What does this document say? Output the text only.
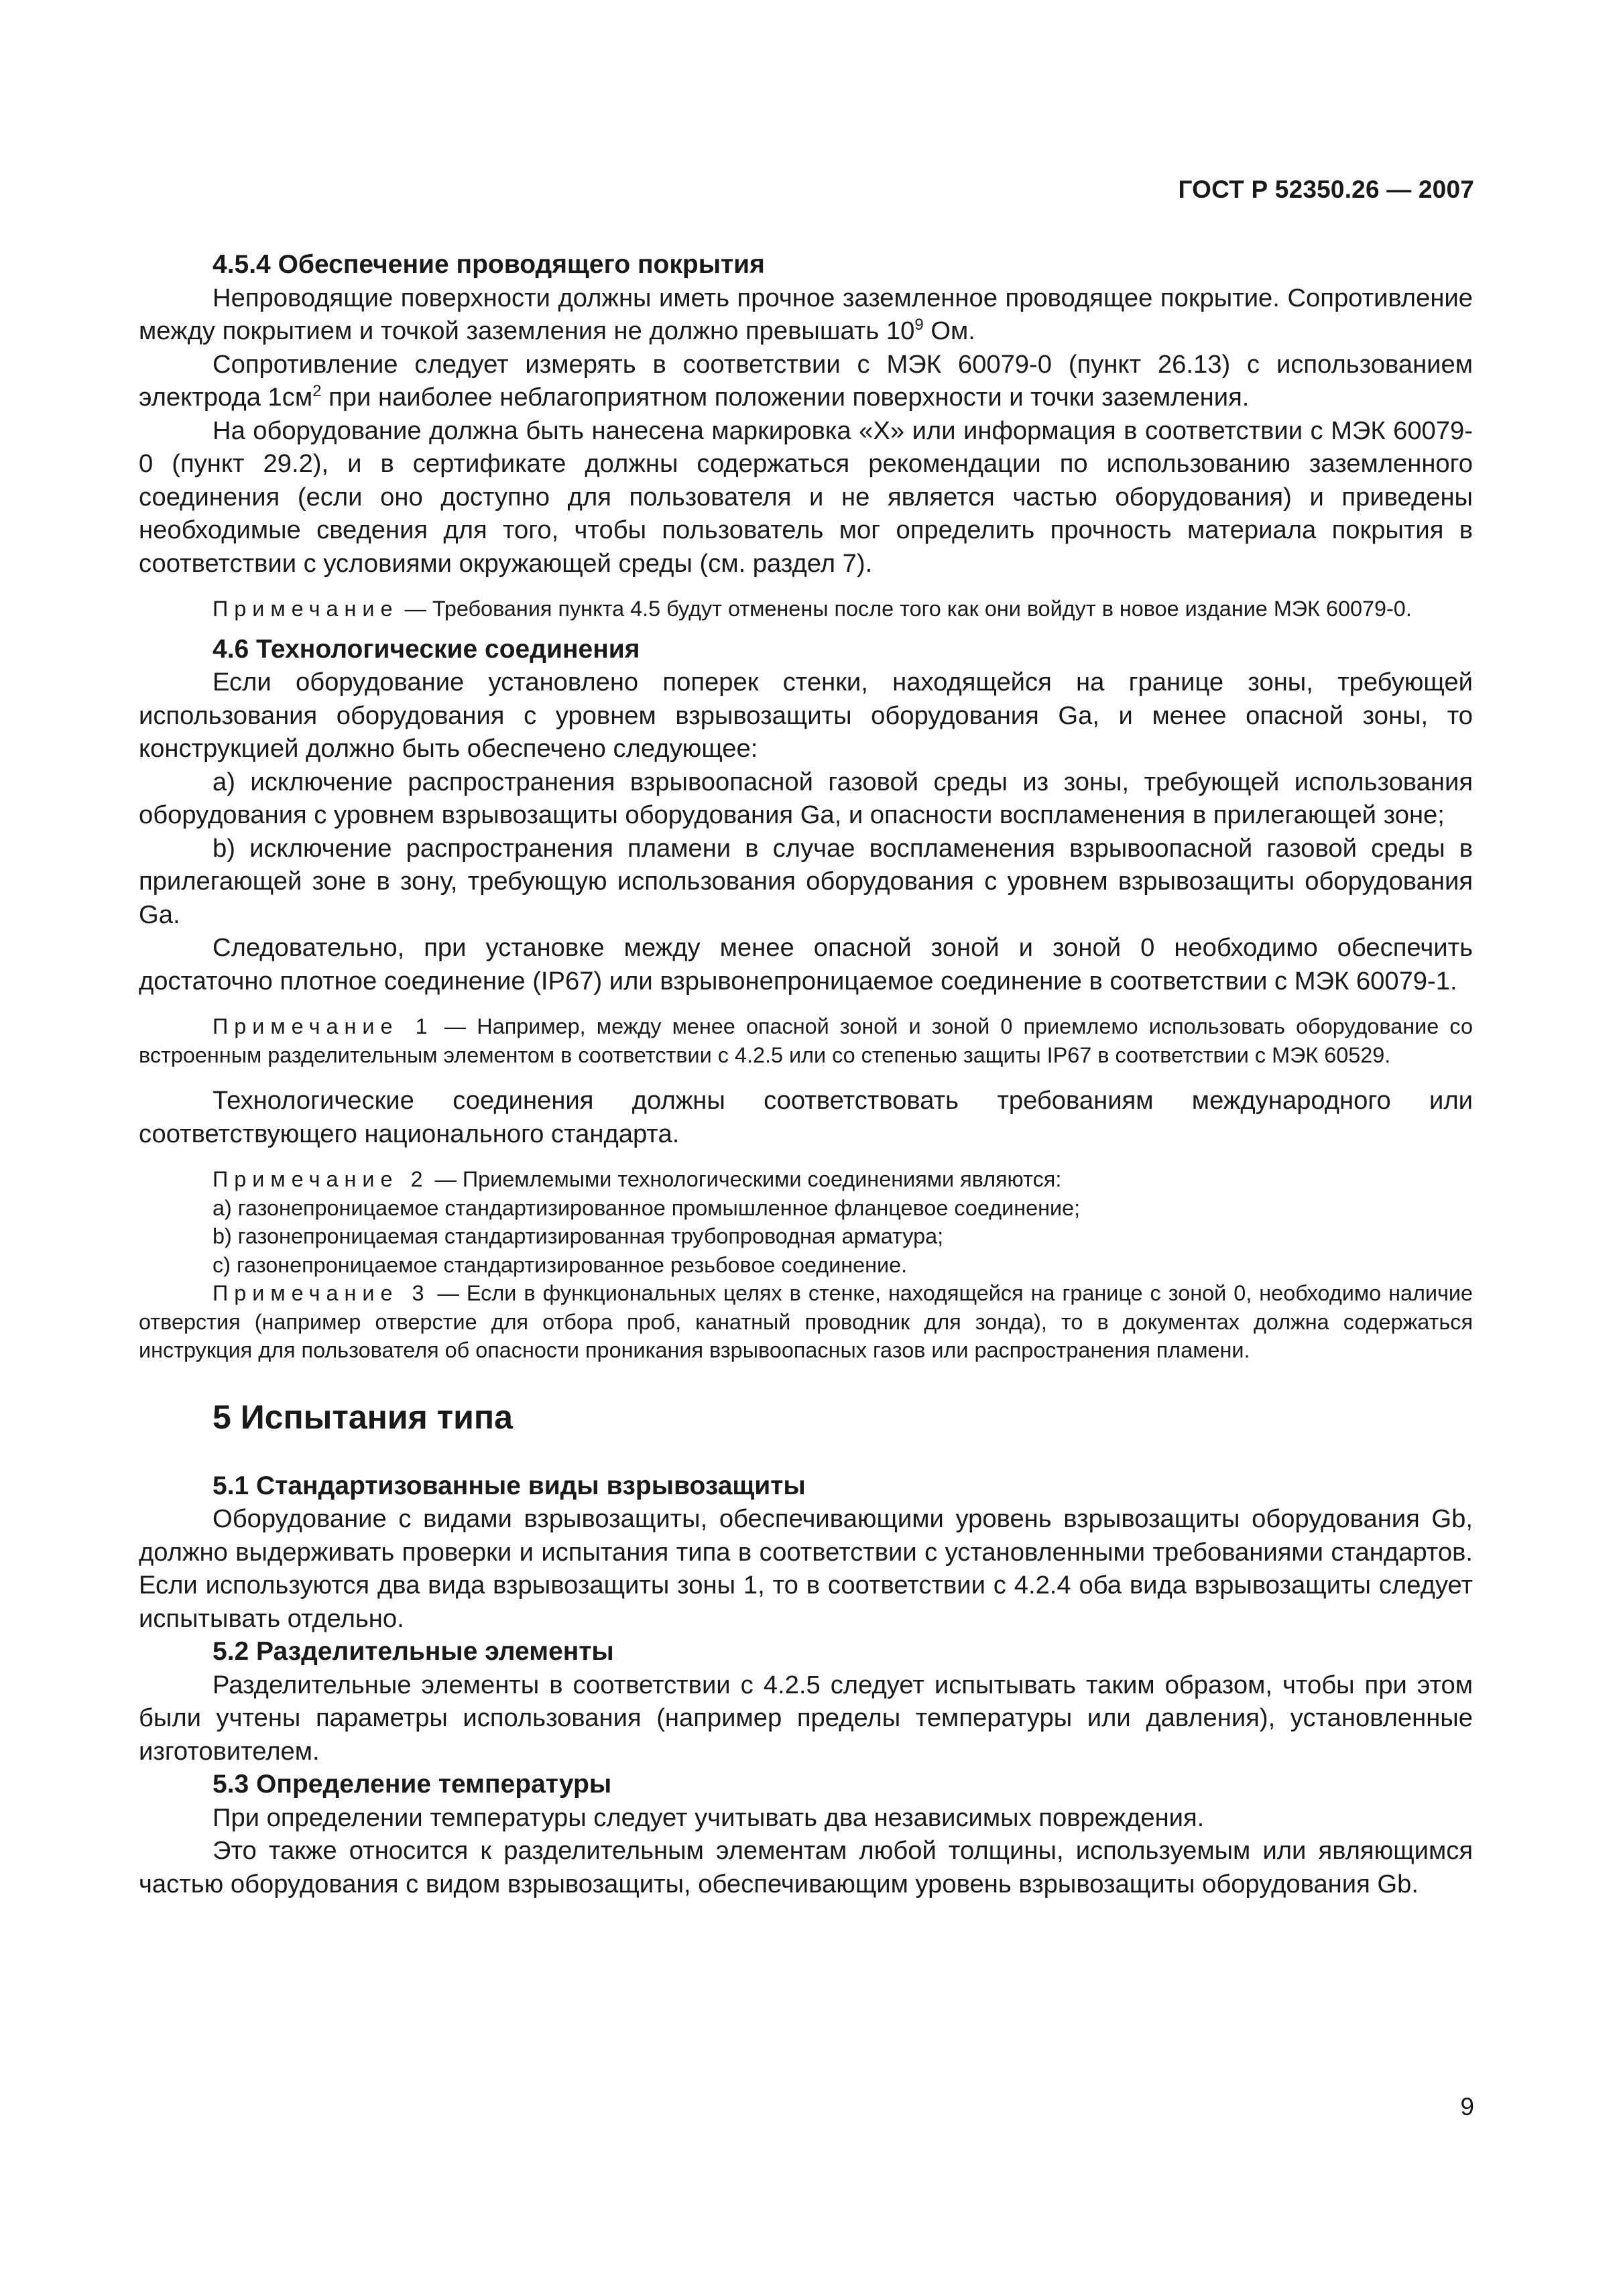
ГОСТ Р 52350.26 — 2007
4.5.4 Обеспечение проводящего покрытия

Непроводящие поверхности должны иметь прочное заземленное проводящее покрытие. Сопротивление между покрытием и точкой заземления не должно превышать $10^9$ Ом.

Сопротивление следует измерять в соответствии с МЭК 60079-0 (пункт 26.13) с использованием электрода $1см^2$ при наиболее неблагоприятном положении поверхности и точки заземления.

На оборудование должна быть нанесена маркировка «X» или информация в соответствии с МЭК 60079-0 (пункт 29.2), и в сертификате должны содержаться рекомендации по использованию заземленного соединения (если оно доступно для пользователя и не является частью оборудования) и приведены необходимые сведения для того, чтобы пользователь мог определить прочность материала покрытия в соответствии с условиями окружающей среды (см. раздел 7).

Примечание — Требования пункта 4.5 будут отменены после того как они войдут в новое издание МЭК 60079-0.

4.6 Технологические соединения

Если оборудование установлено поперек стенки, находящейся на границе зоны, требующей использования оборудования с уровнем взрывозащиты оборудования Ga, и менее опасной зоны, то конструкцией должно быть обеспечено следующее:

а) исключение распространения взрывоопасной газовой среды из зоны, требующей использования оборудования с уровнем взрывозащиты оборудования Ga, и опасности воспламенения в прилегающей зоне;

b) исключение распространения пламени в случае воспламенения взрывоопасной газовой среды в прилегающей зоне в зону, требующую использования оборудования с уровнем взрывозащиты оборудования Ga.

Следовательно, при установке между менее опасной зоной и зоной 0 необходимо обеспечить достаточно плотное соединение (IP67) или взрывонепроницаемое соединение в соответствии с МЭК 60079-1.

Примечание 1 — Например, между менее опасной зоной и зоной 0 приемлемо использовать оборудование со встроенным разделительным элементом в соответствии с 4.2.5 или со степенью защиты IP67 в соответствии с МЭК 60529.

Технологические соединения должны соответствовать требованиям международного или соответствующего национального стандарта.

Примечание 2 — Приемлемыми технологическими соединениями являются:

a) газонепроницаемое стандартизированное промышленное фланцевое соединение;

b) газонепроницаемая стандартизированная трубопроводная арматура;

c) газонепроницаемое стандартизированное резьбовое соединение.

Примечание 3 — Если в функциональных целях в стенке, находящейся на границе с зоной 0, необходимо наличие отверстия (например отверстие для отбора проб, канатный проводник для зонда), то в документах должна содержаться инструкция для пользователя об опасности проникания взрывоопасных газов или распространения пламени.

5 Испытания типа
5.1 Стандартизованные виды взрывозащиты

Оборудование с видами взрывозащиты, обеспечивающими уровень взрывозащиты оборудования Gb, должно выдерживать проверки и испытания типа в соответствии с установленными требованиями стандартов. Если используются два вида взрывозащиты зоны 1, то в соответствии с 4.2.4 оба вида взрывозащиты следует испытывать отдельно.

5.2 Разделительные элементы

Разделительные элементы в соответствии с 4.2.5 следует испытывать таким образом, чтобы при этом были учтены параметры использования (например пределы температуры или давления), установленные изготовителем.

5.3 Определение температуры

При определении температуры следует учитывать два независимых повреждения.

Это также относится к разделительным элементам любой толщины, используемым или являющимся частью оборудования с видом взрывозащиты, обеспечивающим уровень взрывозащиты оборудования Gb.

9
